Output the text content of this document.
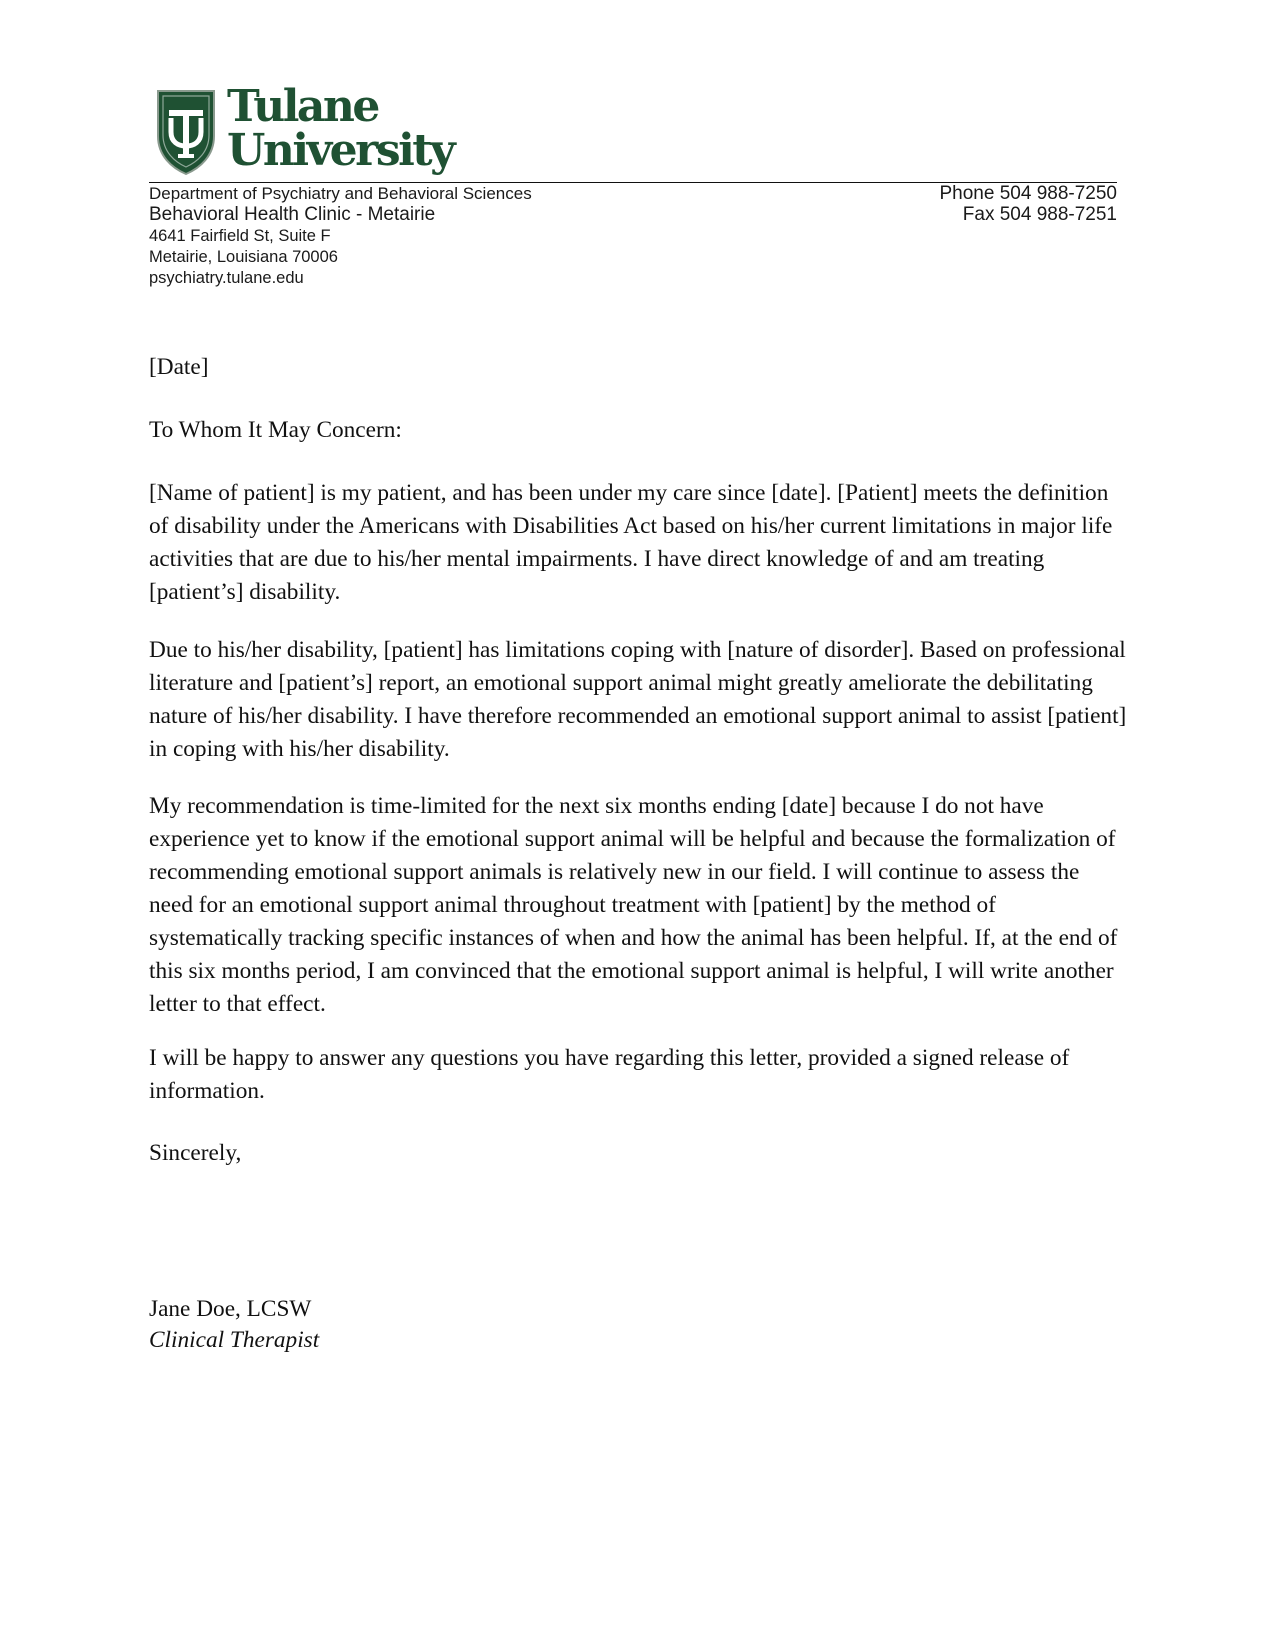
Tulane
University
Department of Psychiatry and Behavioral Sciences
Behavioral Health Clinic - Metairie
4641 Fairfield St, Suite F
Metairie, Louisiana 70006
psychiatry.tulane.edu
Phone 504 988-7250
Fax 504 988-7251

[Date]

To Whom It May Concern:

[Name of patient] is my patient, and has been under my care since [date]. [Patient] meets the definition of disability under the Americans with Disabilities Act based on his/her current limitations in major life activities that are due to his/her mental impairments. I have direct knowledge of and am treating [patient’s] disability.

Due to his/her disability, [patient] has limitations coping with [nature of disorder]. Based on professional literature and [patient’s] report, an emotional support animal might greatly ameliorate the debilitating nature of his/her disability. I have therefore recommended an emotional support animal to assist [patient] in coping with his/her disability.

My recommendation is time-limited for the next six months ending [date] because I do not have experience yet to know if the emotional support animal will be helpful and because the formalization of recommending emotional support animals is relatively new in our field. I will continue to assess the need for an emotional support animal throughout treatment with [patient] by the method of systematically tracking specific instances of when and how the animal has been helpful. If, at the end of this six months period, I am convinced that the emotional support animal is helpful, I will write another letter to that effect.

I will be happy to answer any questions you have regarding this letter, provided a signed release of information.

Sincerely,

Jane Doe, LCSW

Clinical Therapist
